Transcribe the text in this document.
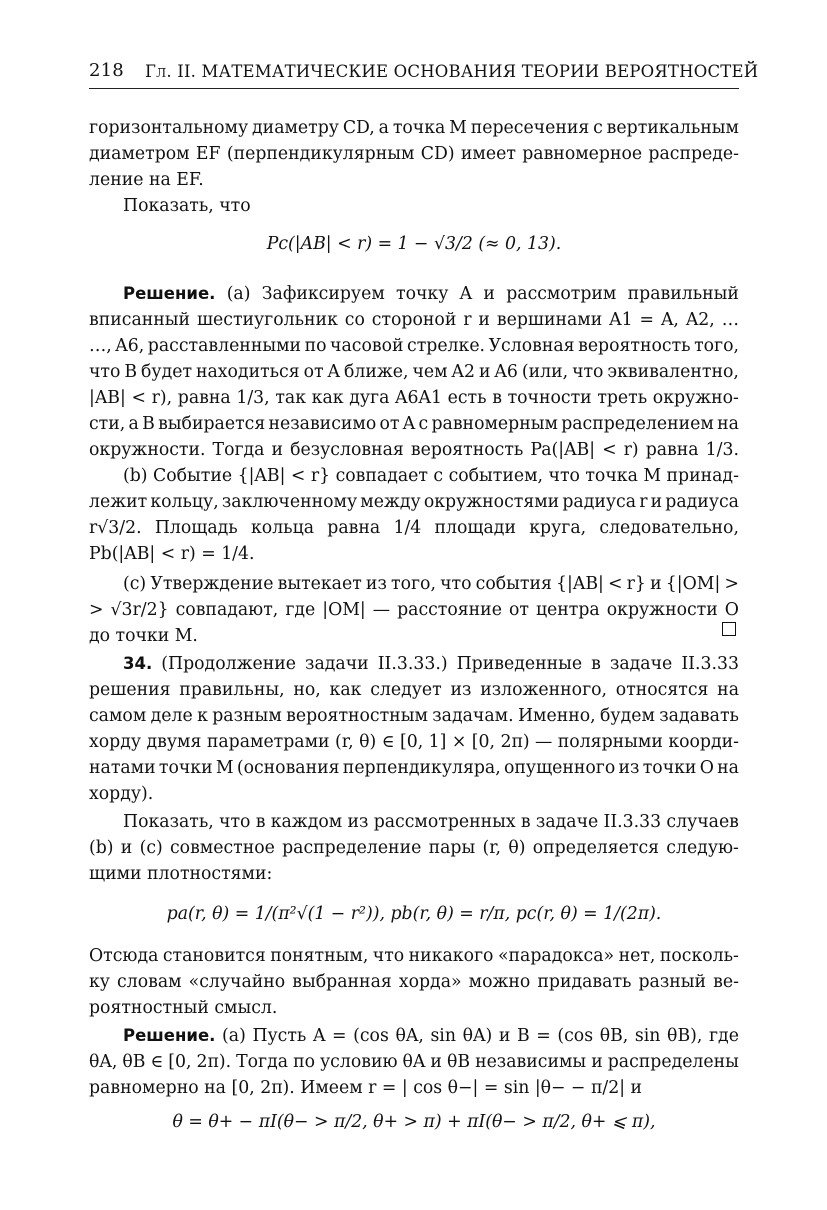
218 Гл. II. МАТЕМАТИЧЕСКИЕ ОСНОВАНИЯ ТЕОРИИ ВЕРОЯТНОСТЕЙ
горизонтальному диаметру CD, а точка M пересечения с вертикальным
диаметром EF (перпендикулярным CD) имеет равномерное распреде-
ление на EF.
Показать, что
Pc(|AB| < r) = 1 − √3/2 (≈ 0, 13).
Решение. (a) Зафиксируем точку A и рассмотрим правильный
вписанный шестиугольник со стороной r и вершинами A1 = A, A2, …
…, A6, расставленными по часовой стрелке. Условная вероятность того,
что B будет находиться от A ближе, чем A2 и A6 (или, что эквивалентно,
|AB| < r), равна 1/3, так как дуга A6A1 есть в точности треть окружно-
сти, а B выбирается независимо от A с равномерным распределением на
окружности. Тогда и безусловная вероятность Pa(|AB| < r) равна 1/3.
(b) Событие {|AB| < r} совпадает с событием, что точка M принад-
лежит кольцу, заключенному между окружностями радиуса r и радиуса
r√3/2. Площадь кольца равна 1/4 площади круга, следовательно,
Pb(|AB| < r) = 1/4.
(c) Утверждение вытекает из того, что события {|AB| < r} и {|OM| >
> √3r/2} совпадают, где |OM| — расстояние от центра окружности O
до точки M.
34. (Продолжение задачи II.3.33.) Приведенные в задаче II.3.33
решения правильны, но, как следует из изложенного, относятся на
самом деле к разным вероятностным задачам. Именно, будем задавать
хорду двумя параметрами (r, θ) ∈ [0, 1] × [0, 2π) — полярными коорди-
натами точки M (основания перпендикуляра, опущенного из точки O на
хорду).
Показать, что в каждом из рассмотренных в задаче II.3.33 случаев
(b) и (c) совместное распределение пары (r, θ) определяется следую-
щими плотностями:
pa(r, θ) = 1/(π²√(1 − r²)), pb(r, θ) = r/π, pc(r, θ) = 1/(2π).
Отсюда становится понятным, что никакого «парадокса» нет, посколь-
ку словам «случайно выбранная хорда» можно придавать разный ве-
роятностный смысл.
Решение. (a) Пусть A = (cos θA, sin θA) и B = (cos θB, sin θB), где
θA, θB ∈ [0, 2π). Тогда по условию θA и θB независимы и распределены
равномерно на [0, 2π). Имеем r = | cos θ−| = sin |θ− − π/2| и
θ = θ+ − πI(θ− > π/2, θ+ > π) + πI(θ− > π/2, θ+ ⩽ π),
